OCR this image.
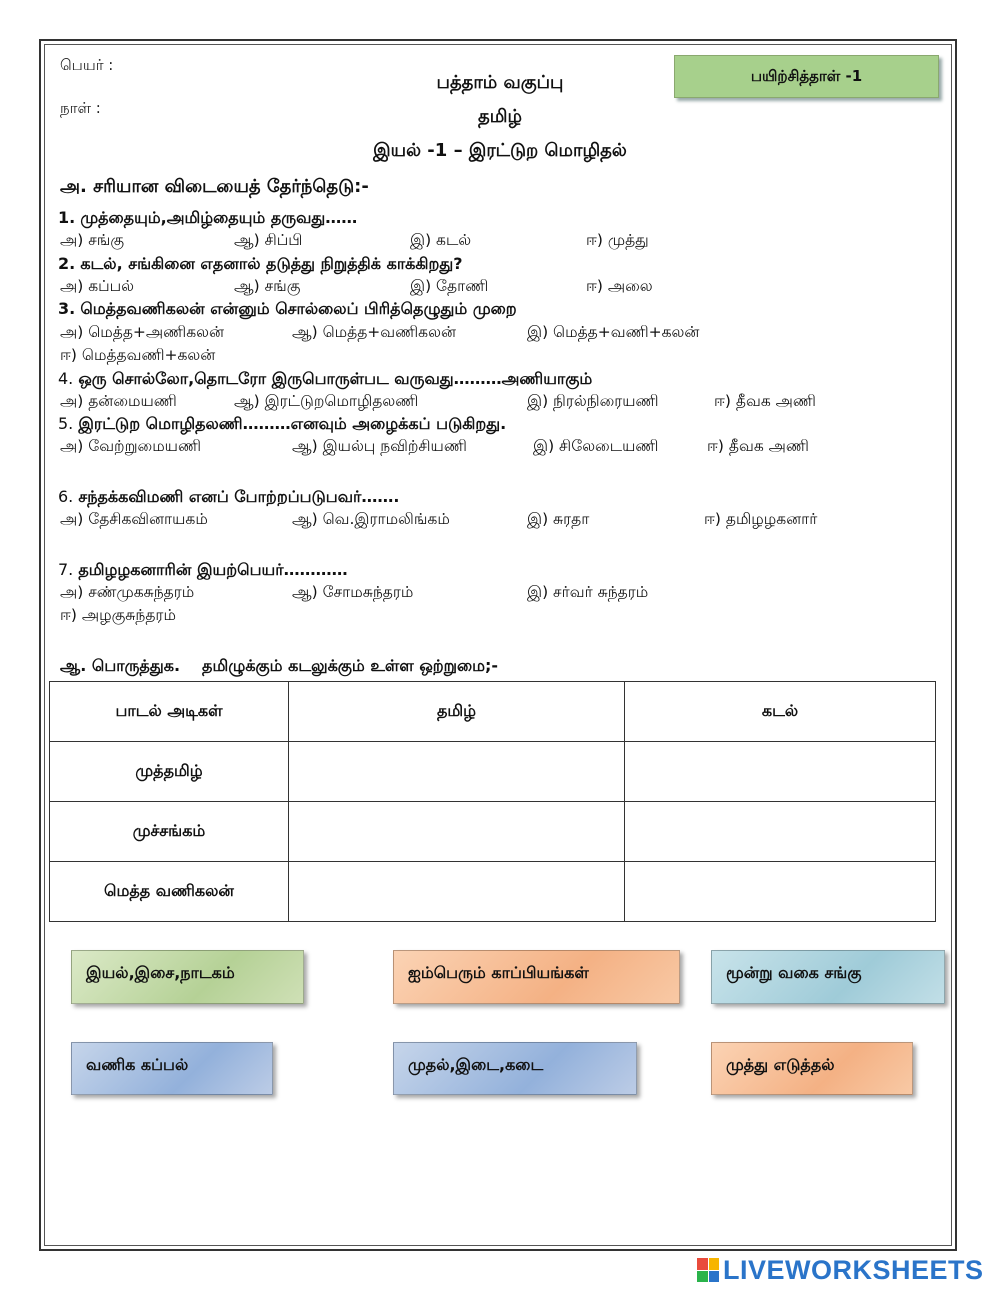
பெயர் :
நாள் :
பத்தாம் வகுப்பு
தமிழ்
இயல் -1 – இரட்டுற மொழிதல்
பயிற்சித்தாள் -1
அ. சரியான விடையைத் தேர்ந்தெடு:-
1. முத்தையும்,அமிழ்தையும் தருவது……
அ) சங்கு	ஆ) சிப்பி	இ) கடல்	ஈ) முத்து
2. கடல், சங்கினை எதனால் தடுத்து நிறுத்திக் காக்கிறது?
அ) கப்பல்	ஆ) சங்கு	இ) தோணி	ஈ) அலை
3. மெத்தவணிகலன் என்னும் சொல்லைப் பிரித்தெழுதும் முறை
அ) மெத்த+அணிகலன்	ஆ) மெத்த+வணிகலன்	இ) மெத்த+வணி+கலன்
ஈ) மெத்தவணி+கலன்
4. ஒரு சொல்லோ,தொடரோ இருபொருள்பட வருவது………அணியாகும்
அ) தன்மையணி	ஆ) இரட்டுறமொழிதலணி	இ) நிரல்நிரையணி	ஈ) தீவக அணி
5. இரட்டுற மொழிதலணி………எனவும் அழைக்கப் படுகிறது.
அ) வேற்றுமையணி	ஆ) இயல்பு நவிற்சியணி	இ) சிலேடையணி	ஈ) தீவக அணி
6. சந்தக்கவிமணி எனப் போற்றப்படுபவர்…….
அ) தேசிகவினாயகம்	ஆ) வெ.இராமலிங்கம்	இ) சுரதா	ஈ) தமிழழகனார்
7. தமிழழகனாரின் இயற்பெயர்…………
அ) சண்முகசுந்தரம்	ஆ) சோமசுந்தரம்	இ) சர்வர் சுந்தரம்
ஈ) அழகுசுந்தரம்
ஆ. பொருத்துக. தமிழுக்கும் கடலுக்கும் உள்ள ஒற்றுமை;-
பாடல் அடிகள்	தமிழ்	கடல்
முத்தமிழ்		
முச்சங்கம்		
மெத்த வணிகலன்		
இயல்,இசை,நாடகம்	ஐம்பெரும் காப்பியங்கள்	மூன்று வகை சங்கு
வணிக கப்பல்	முதல்,இடை,கடை	முத்து எடுத்தல்
LIVEWORKSHEETS
